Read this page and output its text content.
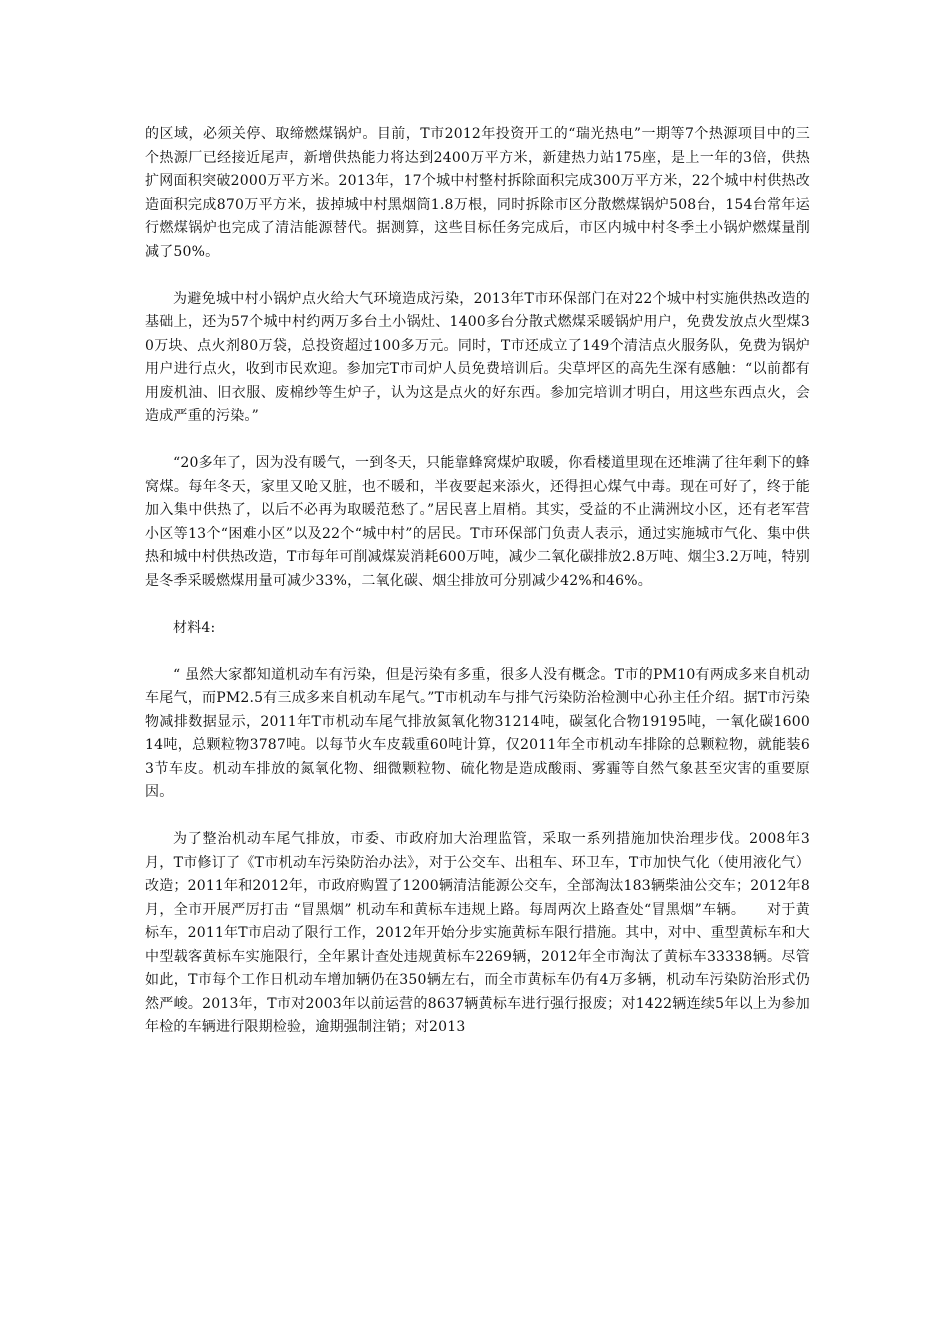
的区域，必须关停、取缔燃煤锅炉。目前，T市2012年投资开工的“瑞光热电”一期等7个热源项目中的三个热源厂已经接近尾声，新增供热能力将达到2400万平方米，新建热力站175座，是上一年的3倍，供热扩网面积突破2000万平方米。2013年，17个城中村整村拆除面积完成300万平方米，22个城中村供热改造面积完成870万平方米，拔掉城中村黑烟筒1.8万根，同时拆除市区分散燃煤锅炉508台，154台常年运行燃煤锅炉也完成了清洁能源替代。据测算，这些目标任务完成后，市区内城中村冬季土小锅炉燃煤量削减了50%。

为避免城中村小锅炉点火给大气环境造成污染，2013年T市环保部门在对22个城中村实施供热改造的基础上，还为57个城中村约两万多台土小锅灶、1400多台分散式燃煤采暖锅炉用户，免费发放点火型煤30万块、点火剂80万袋，总投资超过100多万元。同时，T市还成立了149个清洁点火服务队，免费为锅炉用户进行点火，收到市民欢迎。参加完T市司炉人员免费培训后。尖草坪区的高先生深有感触：“以前都有用废机油、旧衣服、废棉纱等生炉子，认为这是点火的好东西。参加完培训才明白，用这些东西点火，会造成严重的污染。”

“20多年了，因为没有暖气，一到冬天，只能靠蜂窝煤炉取暖，你看楼道里现在还堆满了往年剩下的蜂窝煤。每年冬天，家里又呛又脏，也不暖和，半夜要起来添火，还得担心煤气中毒。现在可好了，终于能加入集中供热了，以后不必再为取暖范愁了。”居民喜上眉梢。其实，受益的不止满洲坟小区，还有老军营小区等13个“困难小区”以及22个“城中村”的居民。T市环保部门负责人表示，通过实施城市气化、集中供热和城中村供热改造，T市每年可削减煤炭消耗600万吨，减少二氧化碳排放2.8万吨、烟尘3.2万吨，特别是冬季采暖燃煤用量可减少33%，二氧化碳、烟尘排放可分别减少42%和46%。

材料4:

“ 虽然大家都知道机动车有污染，但是污染有多重，很多人没有概念。T市的PM10有两成多来自机动车尾气，而PM2.5有三成多来自机动车尾气。”T市机动车与排气污染防治检测中心孙主任介绍。据T市污染物减排数据显示，2011年T市机动车尾气排放氮氧化物31214吨，碳氢化合物19195吨，一氧化碳160014吨，总颗粒物3787吨。以每节火车皮载重60吨计算，仅2011年全市机动车排除的总颗粒物，就能装63节车皮。机动车排放的氮氧化物、细微颗粒物、硫化物是造成酸雨、雾霾等自然气象甚至灾害的重要原因。

为了整治机动车尾气排放，市委、市政府加大治理监管，采取一系列措施加快治理步伐。2008年3月，T市修订了《T市机动车污染防治办法》，对于公交车、出租车、环卫车，T市加快气化（使用液化气）改造；2011年和2012年，市政府购置了1200辆清洁能源公交车，全部淘汰183辆柴油公交车；2012年8月，全市开展严厉打击 “冒黑烟” 机动车和黄标车违规上路。每周两次上路查处“冒黑烟”车辆。　　对于黄标车，2011年T市启动了限行工作，2012年开始分步实施黄标车限行措施。其中，对中、重型黄标车和大中型载客黄标车实施限行，全年累计查处违规黄标车2269辆，2012年全市淘汰了黄标车33338辆。尽管如此，T市每个工作日机动车增加辆仍在350辆左右，而全市黄标车仍有4万多辆，机动车污染防治形式仍然严峻。2013年，T市对2003年以前运营的8637辆黄标车进行强行报废；对1422辆连续5年以上为参加年检的车辆进行限期检验，逾期强制注销；对2013
